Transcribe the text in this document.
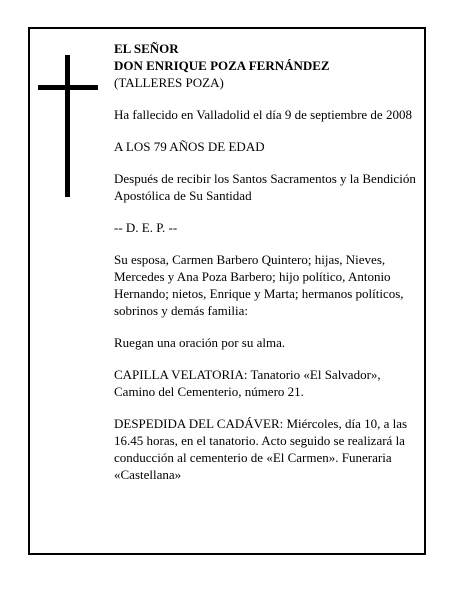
EL SEÑOR
DON ENRIQUE POZA FERNÁNDEZ
(TALLERES POZA)

Ha fallecido en Valladolid el día 9 de septiembre de 2008

A LOS 79 AÑOS DE EDAD

Después de recibir los Santos Sacramentos y la Bendición Apostólica de Su Santidad

-- D. E. P. --

Su esposa, Carmen Barbero Quintero; hijas, Nieves, Mercedes y Ana Poza Barbero; hijo político, Antonio Hernando; nietos, Enrique y Marta; hermanos políticos, sobrinos y demás familia:

Ruegan una oración por su alma.

CAPILLA VELATORIA: Tanatorio «El Salvador», Camino del Cementerio, número 21.

DESPEDIDA DEL CADÁVER: Miércoles, día 10, a las 16.45 horas, en el tanatorio. Acto seguido se realizará la conducción al cementerio de «El Carmen». Funeraria «Castellana»
